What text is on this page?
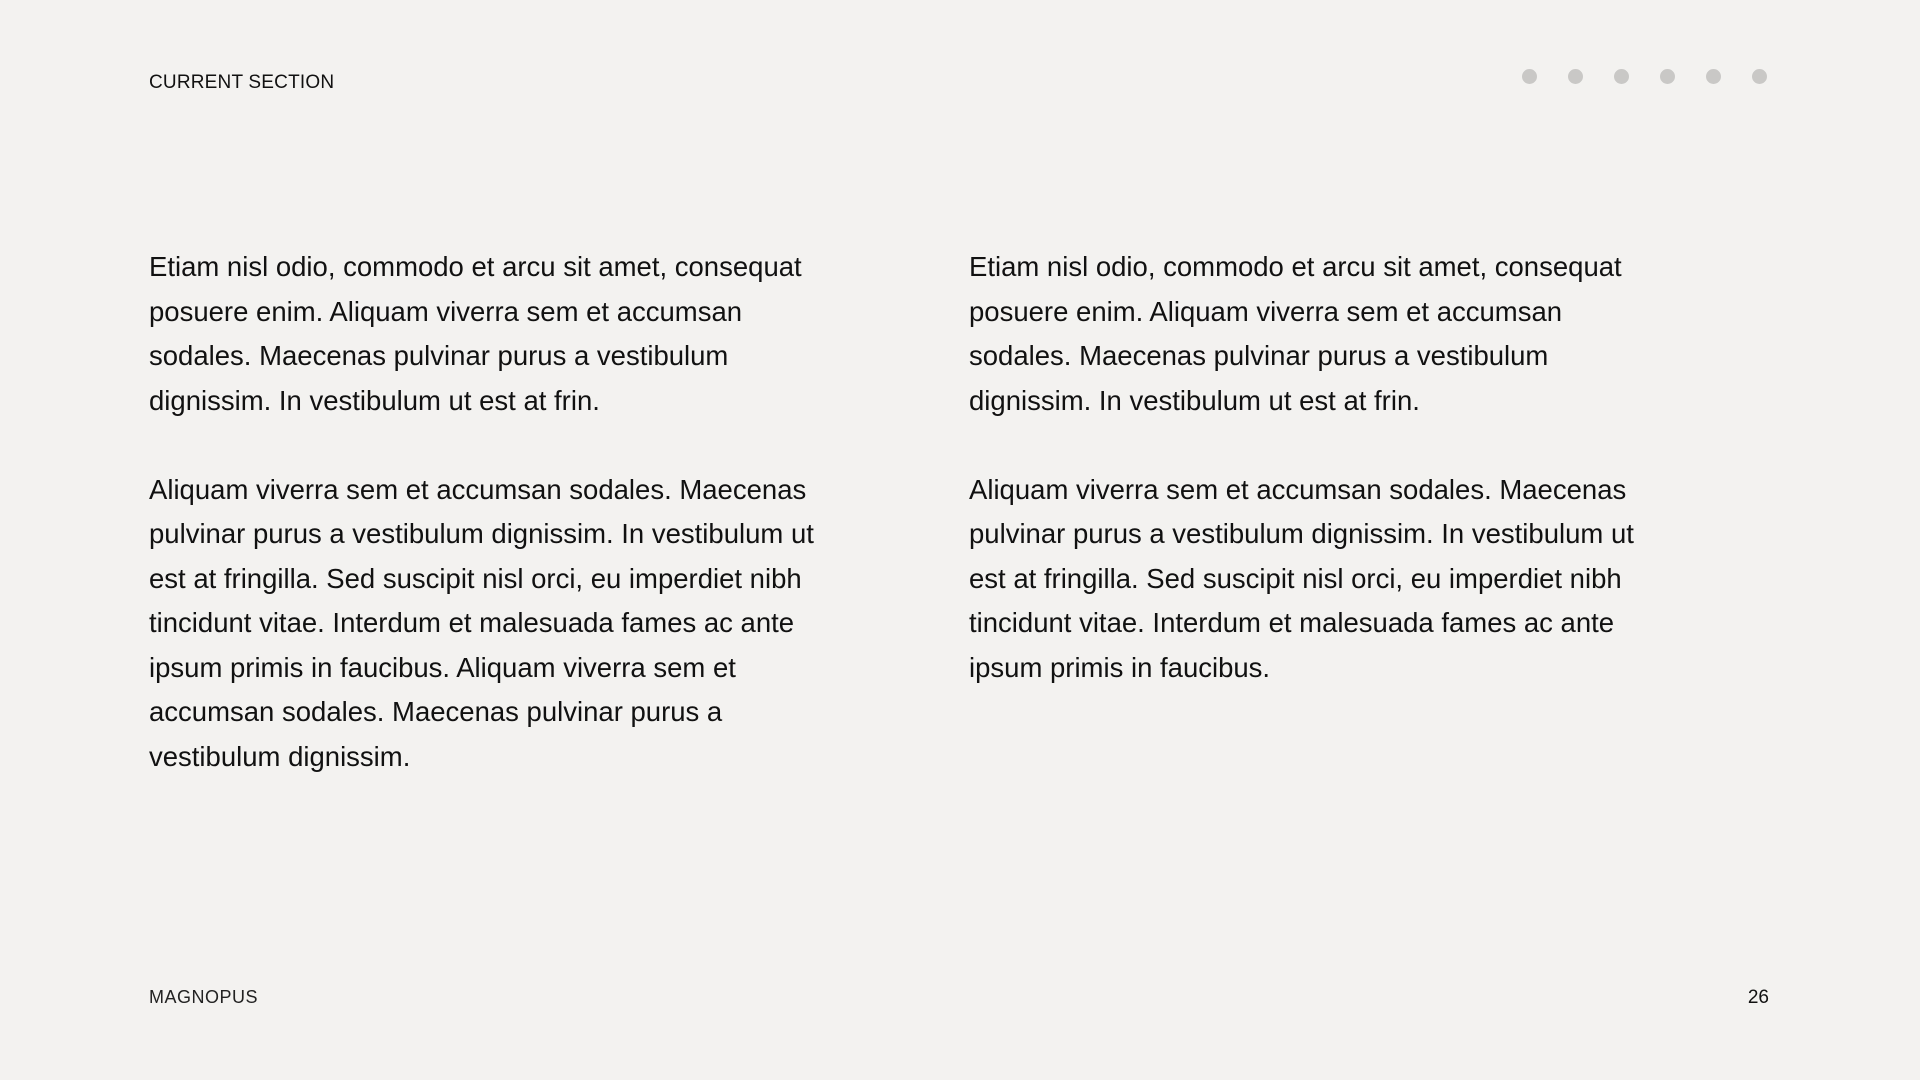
CURRENT SECTION

Etiam nisl odio, commodo et arcu sit amet, consequat posuere enim. Aliquam viverra sem et accumsan sodales. Maecenas pulvinar purus a vestibulum dignissim. In vestibulum ut est at frin.

Aliquam viverra sem et accumsan sodales. Maecenas pulvinar purus a vestibulum dignissim. In vestibulum ut est at fringilla. Sed suscipit nisl orci, eu imperdiet nibh tincidunt vitae. Interdum et malesuada fames ac ante ipsum primis in faucibus. Aliquam viverra sem et accumsan sodales. Maecenas pulvinar purus a vestibulum dignissim.

Etiam nisl odio, commodo et arcu sit amet, consequat posuere enim. Aliquam viverra sem et accumsan sodales. Maecenas pulvinar purus a vestibulum dignissim. In vestibulum ut est at frin.

Aliquam viverra sem et accumsan sodales. Maecenas pulvinar purus a vestibulum dignissim. In vestibulum ut est at fringilla. Sed suscipit nisl orci, eu imperdiet nibh tincidunt vitae. Interdum et malesuada fames ac ante ipsum primis in faucibus.

MAGNOPUS	26
